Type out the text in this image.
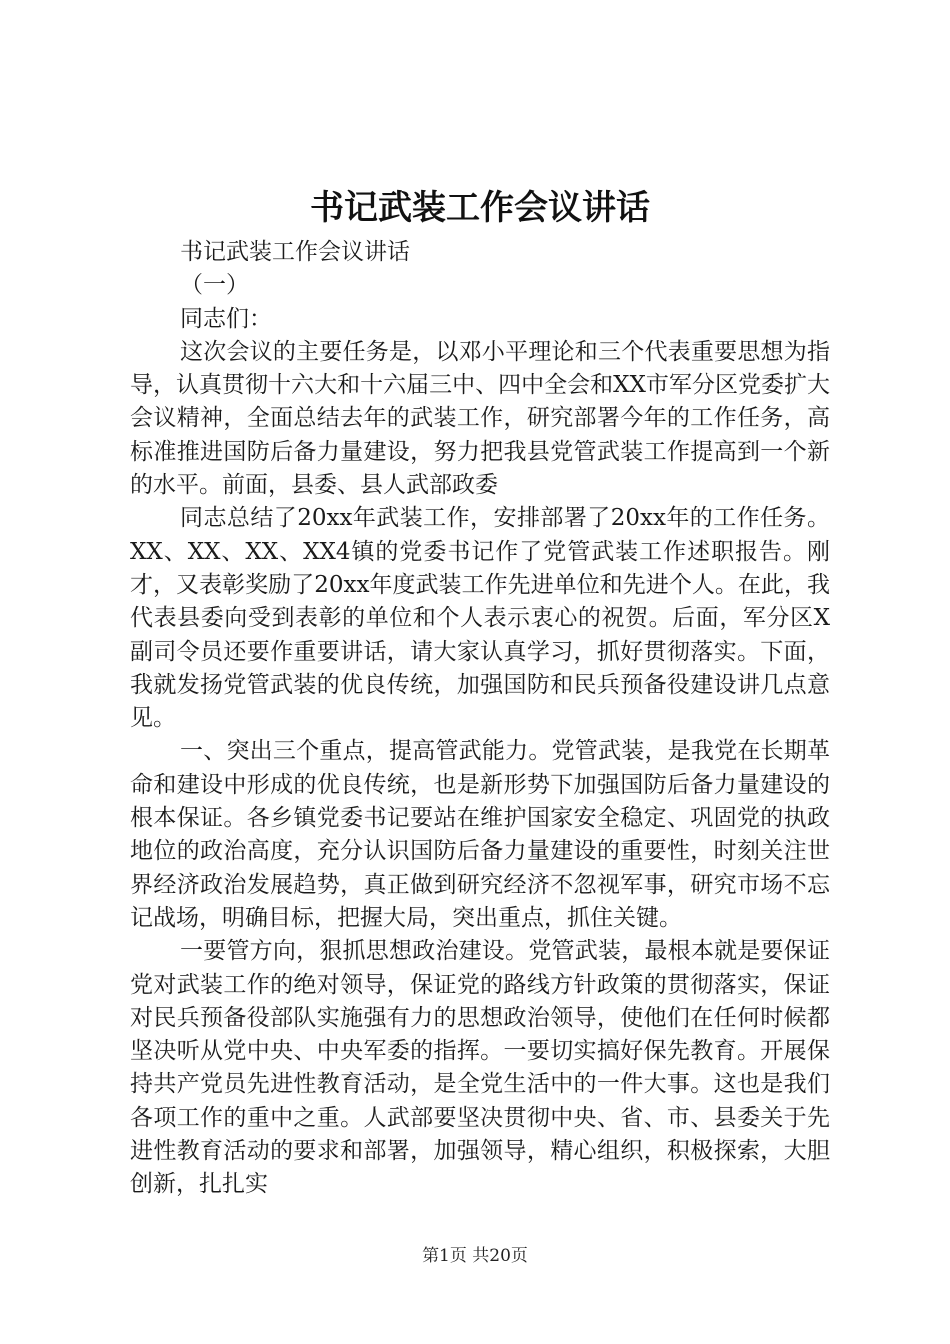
书记武装工作会议讲话

书记武装工作会议讲话

（一）

同志们：

这次会议的主要任务是，以邓小平理论和三个代表重要思想为指导，认真贯彻十六大和十六届三中、四中全会和XX市军分区党委扩大会议精神，全面总结去年的武装工作，研究部署今年的工作任务，高标准推进国防后备力量建设，努力把我县党管武装工作提高到一个新的水平。前面，县委、县人武部政委

同志总结了20xx年武装工作，安排部署了20xx年的工作任务。XX、XX、XX、XX4镇的党委书记作了党管武装工作述职报告。刚才，又表彰奖励了20xx年度武装工作先进单位和先进个人。在此，我代表县委向受到表彰的单位和个人表示衷心的祝贺。后面，军分区X副司令员还要作重要讲话，请大家认真学习，抓好贯彻落实。下面，我就发扬党管武装的优良传统，加强国防和民兵预备役建设讲几点意见。

一、突出三个重点，提高管武能力。党管武装，是我党在长期革命和建设中形成的优良传统，也是新形势下加强国防后备力量建设的根本保证。各乡镇党委书记要站在维护国家安全稳定、巩固党的执政地位的政治高度，充分认识国防后备力量建设的重要性，时刻关注世界经济政治发展趋势，真正做到研究经济不忽视军事，研究市场不忘记战场，明确目标，把握大局，突出重点，抓住关键。

一要管方向，狠抓思想政治建设。党管武装，最根本就是要保证党对武装工作的绝对领导，保证党的路线方针政策的贯彻落实，保证对民兵预备役部队实施强有力的思想政治领导，使他们在任何时候都坚决听从党中央、中央军委的指挥。一要切实搞好保先教育。开展保持共产党员先进性教育活动，是全党生活中的一件大事。这也是我们各项工作的重中之重。人武部要坚决贯彻中央、省、市、县委关于先进性教育活动的要求和部署，加强领导，精心组织，积极探索，大胆创新，扎扎实

第1页 共20页
